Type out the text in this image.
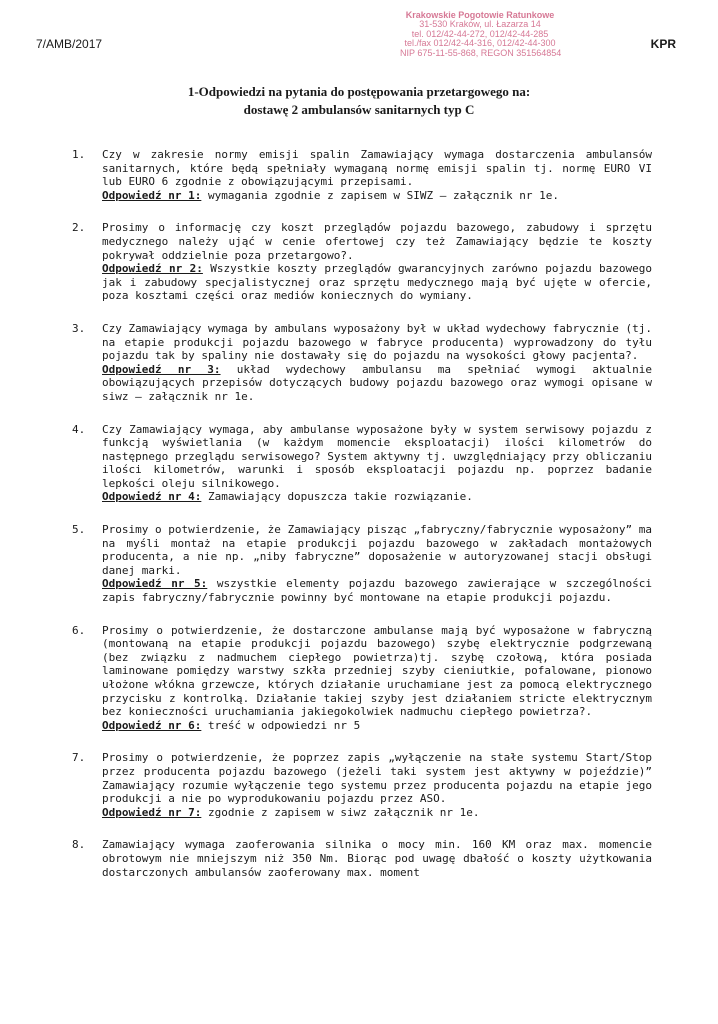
7/AMB/2017
Krakowskie Pogotowie Ratunkowe
31-530 Kraków, ul. Łazarza 14
tel. 012/42-44-272, 012/42-44-285
tel./fax 012/42-44-316, 012/42-44-300
NIP 675-11-55-868, REGON 351564854
KPR
1-Odpowiedzi na pytania do postępowania przetargowego na:
dostawę 2 ambulansów sanitarnych typ C
1. Czy w zakresie normy emisji spalin Zamawiający wymaga dostarczenia ambulansów sanitarnych, które będą spełniały wymaganą normę emisji spalin tj. normę EURO VI lub EURO 6 zgodnie z obowiązującymi przepisami.
Odpowiedź nr 1: wymagania zgodnie z zapisem w SIWZ – załącznik nr 1e.
2. Prosimy o informację czy koszt przeglądów pojazdu bazowego, zabudowy i sprzętu medycznego należy ująć w cenie ofertowej czy też Zamawiający będzie te koszty pokrywał oddzielnie poza przetargowo?.
Odpowiedź nr 2: Wszystkie koszty przeglądów gwarancyjnych zarówno pojazdu bazowego jak i zabudowy specjalistycznej oraz sprzętu medycznego mają być ujęte w ofercie, poza kosztami części oraz mediów koniecznych do wymiany.
3. Czy Zamawiający wymaga by ambulans wyposażony był w układ wydechowy fabrycznie (tj. na etapie produkcji pojazdu bazowego w fabryce producenta) wyprowadzony do tyłu pojazdu tak by spaliny nie dostawały się do pojazdu na wysokości głowy pacjenta?.
Odpowiedź nr 3: układ wydechowy ambulansu ma spełniać wymogi aktualnie obowiązujących przepisów dotyczących budowy pojazdu bazowego oraz wymogi opisane w siwz – załącznik nr 1e.
4. Czy Zamawiający wymaga, aby ambulanse wyposażone były w system serwisowy pojazdu z funkcją wyświetlania (w każdym momencie eksploatacji) ilości kilometrów do następnego przeglądu serwisowego? System aktywny tj. uwzględniający przy obliczaniu ilości kilometrów, warunki i sposób eksploatacji pojazdu np. poprzez badanie lepkości oleju silnikowego.
Odpowiedź nr 4: Zamawiający dopuszcza takie rozwiązanie.
5. Prosimy o potwierdzenie, że Zamawiający pisząc „fabryczny/fabrycznie wyposażony” ma na myśli montaż na etapie produkcji pojazdu bazowego w zakładach montażowych producenta, a nie np. „niby fabryczne” doposażenie w autoryzowanej stacji obsługi danej marki.
Odpowiedź nr 5: wszystkie elementy pojazdu bazowego zawierające w szczególności zapis fabryczny/fabrycznie powinny być montowane na etapie produkcji pojazdu.
6. Prosimy o potwierdzenie, że dostarczone ambulanse mają być wyposażone w fabryczną (montowaną na etapie produkcji pojazdu bazowego) szybę elektrycznie podgrzewaną (bez związku z nadmuchem ciepłego powietrza)tj. szybę czołową, która posiada laminowane pomiędzy warstwy szkła przedniej szyby cieniutkie, pofalowane, pionowo ułożone włókna grzewcze, których działanie uruchamiane jest za pomocą elektrycznego przycisku z kontrolką. Działanie takiej szyby jest działaniem stricte elektrycznym bez konieczności uruchamiania jakiegokolwiek nadmuchu ciepłego powietrza?.
Odpowiedź nr 6: treść w odpowiedzi nr 5
7. Prosimy o potwierdzenie, że poprzez zapis „wyłączenie na stałe systemu Start/Stop przez producenta pojazdu bazowego (jeżeli taki system jest aktywny w pojeździe)” Zamawiający rozumie wyłączenie tego systemu przez producenta pojazdu na etapie jego produkcji a nie po wyprodukowaniu pojazdu przez ASO.
Odpowiedź nr 7: zgodnie z zapisem w siwz załącznik nr 1e.
8. Zamawiający wymaga zaoferowania silnika o mocy min. 160 KM oraz max. momencie obrotowym nie mniejszym niż 350 Nm. Biorąc pod uwagę dbałość o koszty użytkowania dostarczonych ambulansów zaoferowany max. moment
